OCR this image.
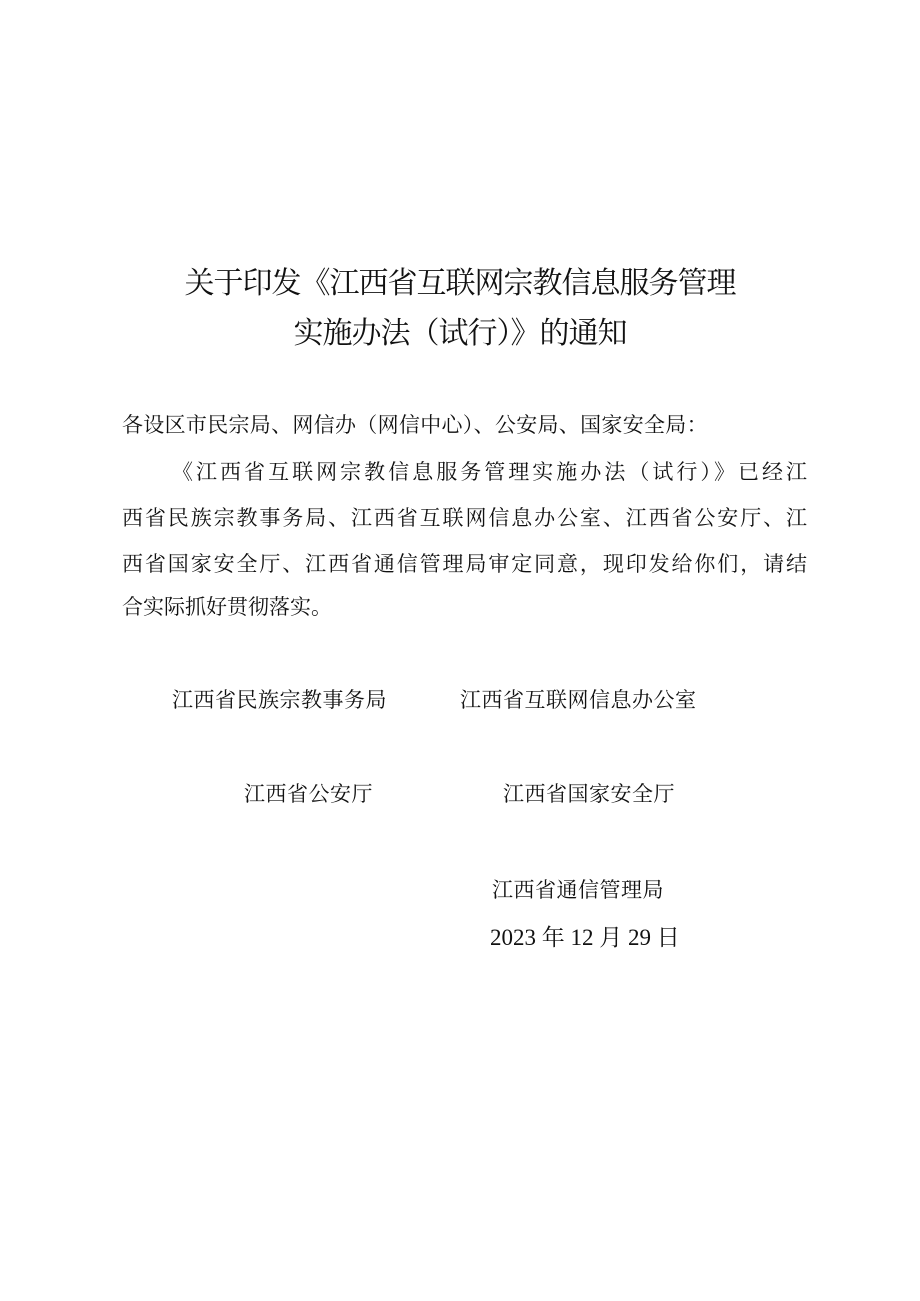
关于印发《江西省互联网宗教信息服务管理
实施办法（试行）》的通知
各设区市民宗局、网信办（网信中心）、公安局、国家安全局：
《江西省互联网宗教信息服务管理实施办法（试行）》已经江
西省民族宗教事务局、江西省互联网信息办公室、江西省公安厅、江
西省国家安全厅、江西省通信管理局审定同意，现印发给你们，请结
合实际抓好贯彻落实。
江西省民族宗教事务局	江西省互联网信息办公室
江西省公安厅	江西省国家安全厅
江西省通信管理局
2023 年 12 月 29 日
